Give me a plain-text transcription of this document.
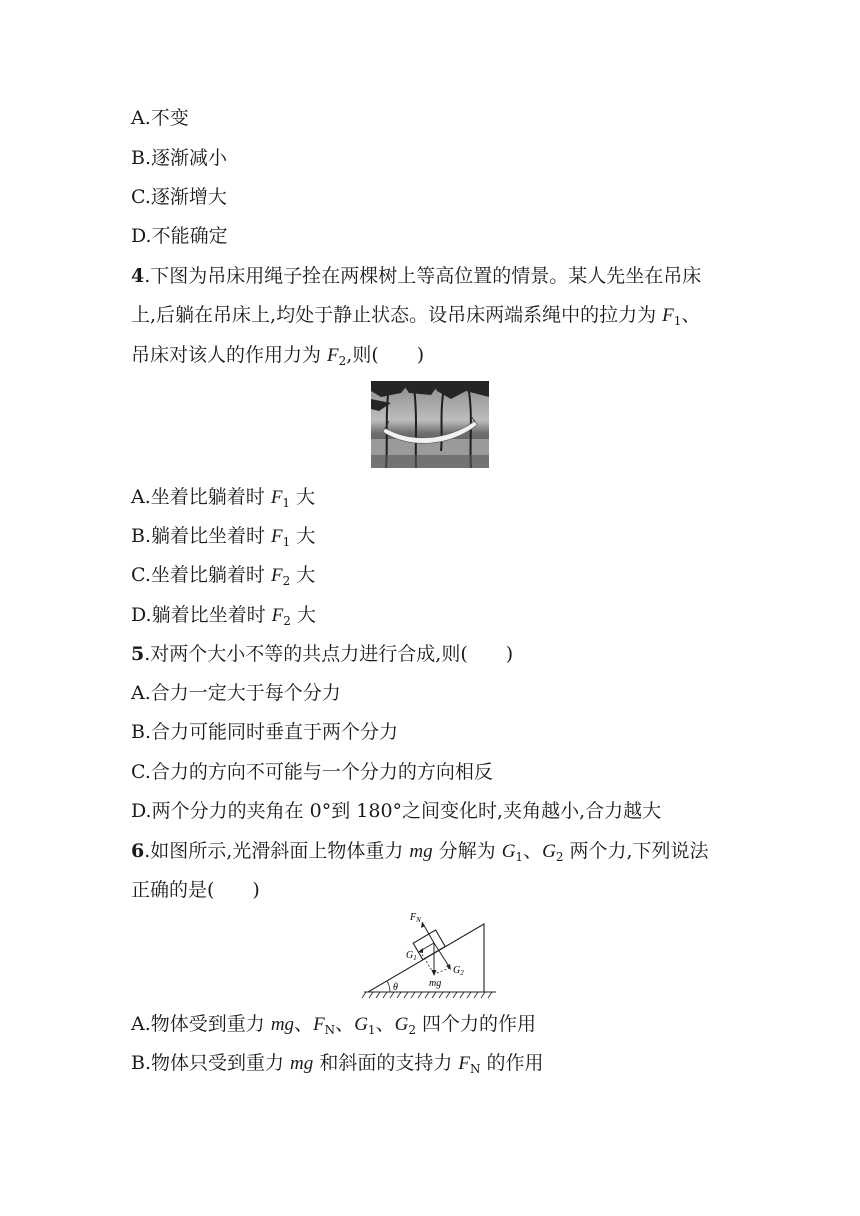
A.不变
B.逐渐减小
C.逐渐增大
D.不能确定
4.下图为吊床用绳子拴在两棵树上等高位置的情景。某人先坐在吊床
上,后躺在吊床上,均处于静止状态。设吊床两端系绳中的拉力为 $F_1$、
吊床对该人的作用力为 $F_2$,则(　　)
A.坐着比躺着时 $F_1$ 大
B.躺着比坐着时 $F_1$ 大
C.坐着比躺着时 $F_2$ 大
D.躺着比坐着时 $F_2$ 大
5.对两个大小不等的共点力进行合成,则(　　)
A.合力一定大于每个分力
B.合力可能同时垂直于两个分力
C.合力的方向不可能与一个分力的方向相反
D.两个分力的夹角在 0°到 180°之间变化时,夹角越小,合力越大
6.如图所示,光滑斜面上物体重力 mg 分解为 $G_1$、$G_2$ 两个力,下列说法
正确的是(　　)
$F_N$
$G_1$
$G_2$
mg
θ
A.物体受到重力 mg、$F_N$、$G_1$、$G_2$ 四个力的作用
B.物体只受到重力 mg 和斜面的支持力 $F_N$ 的作用
